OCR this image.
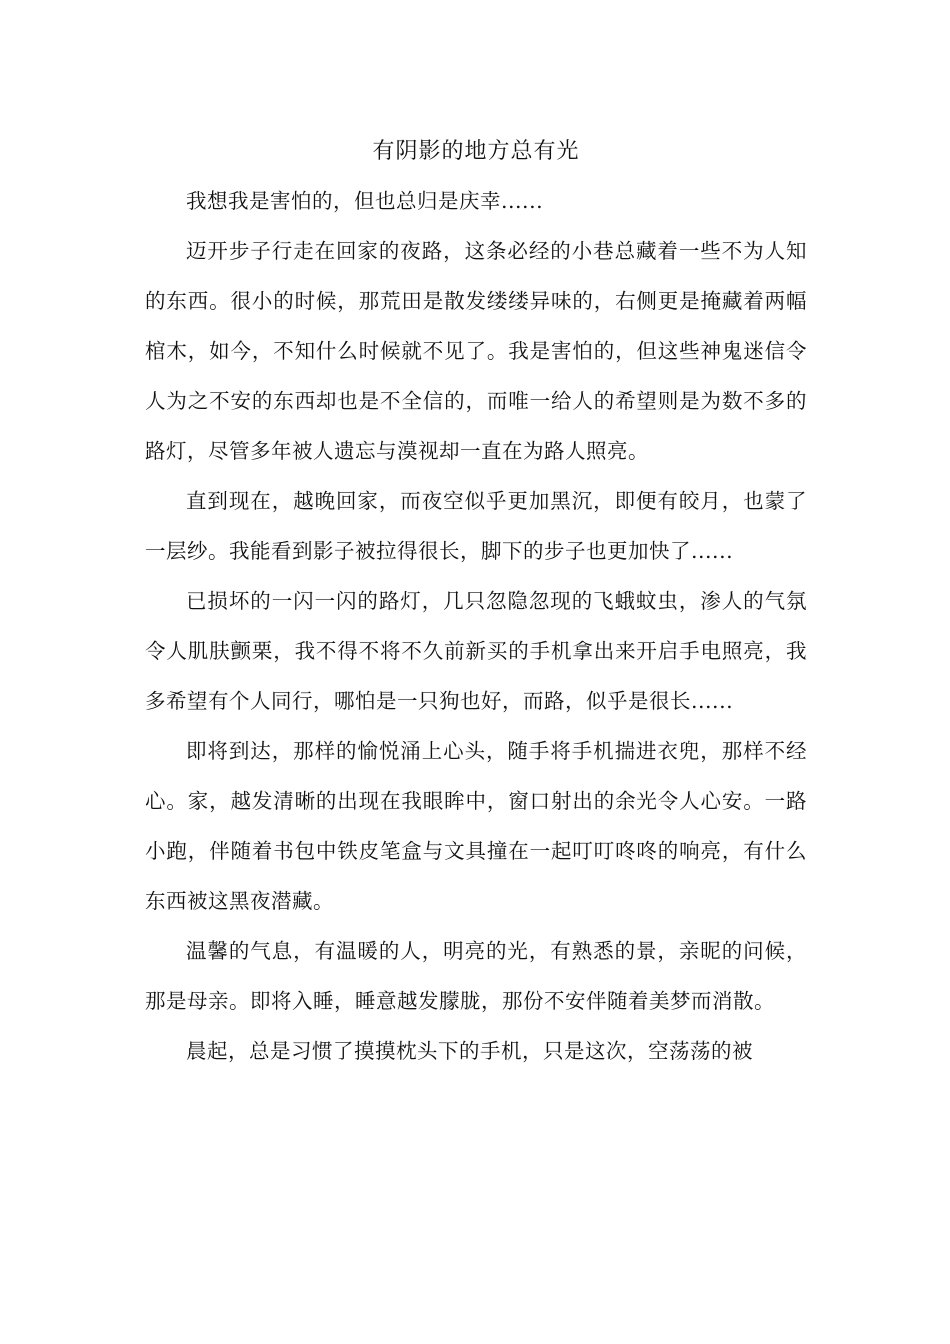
有阴影的地方总有光

我想我是害怕的，但也总归是庆幸......

迈开步子行走在回家的夜路，这条必经的小巷总藏着一些不为人知的东西。很小的时候，那荒田是散发缕缕异味的，右侧更是掩藏着两幅棺木，如今，不知什么时候就不见了。我是害怕的，但这些神鬼迷信令人为之不安的东西却也是不全信的，而唯一给人的希望则是为数不多的路灯，尽管多年被人遗忘与漠视却一直在为路人照亮。

直到现在，越晚回家，而夜空似乎更加黑沉，即便有皎月，也蒙了一层纱。我能看到影子被拉得很长，脚下的步子也更加快了......

已损坏的一闪一闪的路灯，几只忽隐忽现的飞蛾蚊虫，渗人的气氛令人肌肤颤栗，我不得不将不久前新买的手机拿出来开启手电照亮，我多希望有个人同行，哪怕是一只狗也好，而路，似乎是很长......

即将到达，那样的愉悦涌上心头，随手将手机揣进衣兜，那样不经心。家，越发清晰的出现在我眼眸中，窗口射出的余光令人心安。一路小跑，伴随着书包中铁皮笔盒与文具撞在一起叮叮咚咚的响亮，有什么东西被这黑夜潜藏。

温馨的气息，有温暖的人，明亮的光，有熟悉的景，亲昵的问候，那是母亲。即将入睡，睡意越发朦胧，那份不安伴随着美梦而消散。

晨起，总是习惯了摸摸枕头下的手机，只是这次，空荡荡的被
